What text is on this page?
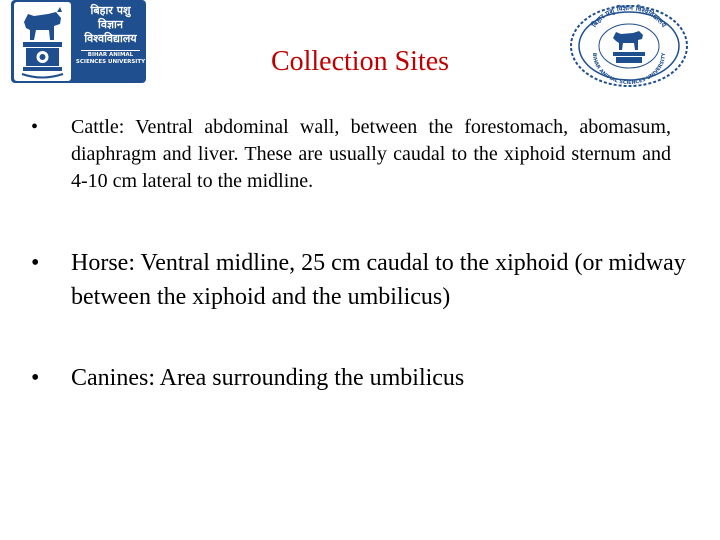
बिहार पशु विज्ञान
विश्वविद्यालय
BIHAR ANIMAL SCIENCES UNIVERSITY
बिहार पशु विज्ञान विश्वविद्यालय
BIHAR ANIMAL SCIENCES UNIVERSITY
Collection Sites
• Cattle: Ventral abdominal wall, between the forestomach, abomasum, diaphragm and liver. These are usually caudal to the xiphoid sternum and 4-10 cm lateral to the midline.
• Horse: Ventral midline, 25 cm caudal to the xiphoid (or midway between the xiphoid and the umbilicus)
• Canines: Area surrounding the umbilicus
